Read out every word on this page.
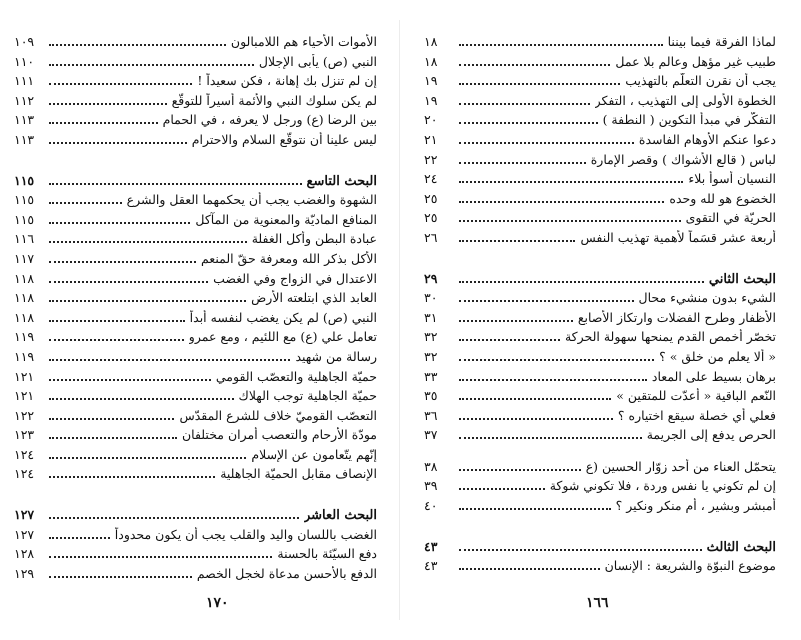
الأموات الأحياء هم اللامبالون
١٠٩
النبي (ص) يأبى الإجلال
١١٠
إن لم تنزل بك إهانة ، فكن سعيداً !
١١١
لم يكن سلوك النبي والأئمة أسيراً للتوقّع
١١٢
بين الرضا (ع) ورجل لا يعرفه ، في الحمام
١١٣
ليس علينا أن نتوقّع السلام والاحترام
١١٣
البحث التاسع
١١٥
الشهوة والغضب يجب أن يحكمهما العقل والشرع
١١٥
المنافع الماديّة والمعنوية من المآكل
١١٥
عبادة البطن وأكل الغفلة
١١٦
الأكل بذكر الله ومعرفة حقّ المنعم
١١٧
الاعتدال في الزواج وفي الغضب
١١٨
العابد الذي ابتلعته الأرض
١١٨
النبي (ص) لم يكن يغضب لنفسه أبداً
١١٨
تعامل علي (ع) مع اللئيم ، ومع عمرو
١١٩
رسالة من شهيد
١١٩
حميّة الجاهلية والتعصّب القومي
١٢١
حميّة الجاهلية توجب الهلاك
١٢١
التعصّب القوميّ خلاف للشرع المقدّس
١٢٢
مودّة الأرحام والتعصب أمران مختلفان
١٢٣
إنّهم يتّعامون عن الإسلام
١٢٤
الإنصاف مقابل الحميّة الجاهلية
١٢٤
البحث العاشر
١٢٧
الغضب باللسان واليد والقلب يجب أن يكون محدوداً
١٢٧
دفع السيّئة بالحسنة
١٢٨
الدفع بالأحسن مدعاة لخجل الخصم
١٢٩
١٧٠
لماذا الفرقة فيما بيننا
١٨
طبيب غير مؤهل وعالم بلا عمل
١٨
يجب أن نقرن التعلّم بالتهذيب
١٩
الخطوة الأولى إلى التهذيب ، التفكر
١٩
التفكّر في مبدأ التكوين ( النطفة )
٢٠
دعوا عنكم الأوهام الفاسدة
٢١
لباس ( قالع الأشواك ) وقصر الإمارة
٢٢
النسيان أسوأ بلاء
٢٤
الخضوع هو لله وحده
٢٥
الحريّة في التقوى
٢٥
أربعة عشر قسَماً لأهمية تهذيب النفس
٢٦
البحث الثاني
٢٩
الشيء بدون منشيء محال
٣٠
الأظفار وطرح الفضلات وارتكاز الأصابع
٣١
تخصّر أخمص القدم يمنحها سهولة الحركة
٣٢
« ألا يعلم من خلق » ؟
٣٢
برهان بسيط على المعاد
٣٣
النّعم الباقية « أعدّت للمتقين »
٣٥
فعلي أي خصلة سيقع اختياره ؟
٣٦
الحرص يدفع إلى الجريمة
٣٧
يتحمّل العناء من أحد زوّار الحسين (ع
٣٨
إن لم تكوني يا نفس وردة ، فلا تكوني شوكة
٣٩
أمبشر وبشير ، أم منكر ونكير ؟
٤٠
البحث الثالث
٤٣
موضوع النبوّة والشريعة : الإنسان
٤٣
١٦٦
